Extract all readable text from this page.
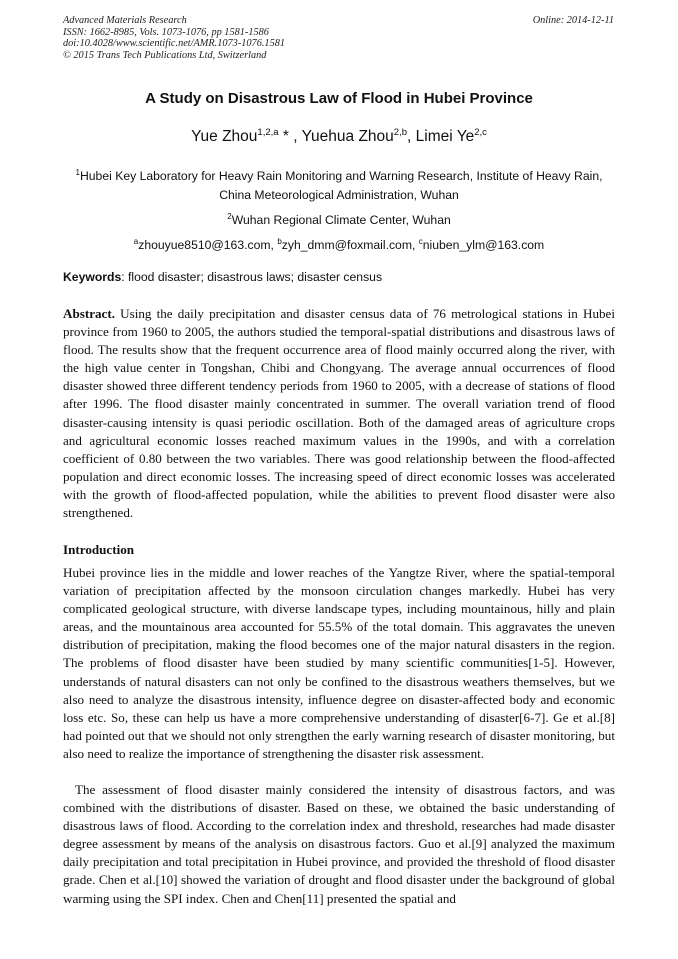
Advanced Materials Research
ISSN: 1662-8985, Vols. 1073-1076, pp 1581-1586
doi:10.4028/www.scientific.net/AMR.1073-1076.1581
© 2015 Trans Tech Publications Ltd, Switzerland
Online: 2014-12-11
A Study on Disastrous Law of Flood in Hubei Province
Yue Zhou$^{1,2,a}$ * , Yuehua Zhou$^{2,b}$, Limei Ye$^{2,c}$
$^1$Hubei Key Laboratory for Heavy Rain Monitoring and Warning Research, Institute of Heavy Rain,
China Meteorological Administration, Wuhan
$^2$Wuhan Regional Climate Center, Wuhan
$^a$zhouyue8510@163.com, $^b$zyh_dmm@foxmail.com, $^c$niuben_ylm@163.com
Keywords: flood disaster; disastrous laws; disaster census
Abstract. Using the daily precipitation and disaster census data of 76 metrological stations in Hubei province from 1960 to 2005, the authors studied the temporal-spatial distributions and disastrous laws of flood. The results show that the frequent occurrence area of flood mainly occurred along the river, with the high value center in Tongshan, Chibi and Chongyang. The average annual occurrences of flood disaster showed three different tendency periods from 1960 to 2005, with a decrease of stations of flood after 1996. The flood disaster mainly concentrated in summer. The overall variation trend of flood disaster-causing intensity is quasi periodic oscillation. Both of the damaged areas of agriculture crops and agricultural economic losses reached maximum values in the 1990s, and with a correlation coefficient of 0.80 between the two variables. There was good relationship between the flood-affected population and direct economic losses. The increasing speed of direct economic losses was accelerated with the growth of flood-affected population, while the abilities to prevent flood disaster were also strengthened.
Introduction
Hubei province lies in the middle and lower reaches of the Yangtze River, where the spatial-temporal variation of precipitation affected by the monsoon circulation changes markedly. Hubei has very complicated geological structure, with diverse landscape types, including mountainous, hilly and plain areas, and the mountainous area accounted for 55.5% of the total domain. This aggravates the uneven distribution of precipitation, making the flood becomes one of the major natural disasters in the region. The problems of flood disaster have been studied by many scientific communities[1-5]. However, understands of natural disasters can not only be confined to the disastrous weathers themselves, but we also need to analyze the disastrous intensity, influence degree on disaster-affected body and economic loss etc. So, these can help us have a more comprehensive understanding of disaster[6-7]. Ge et al.[8] had pointed out that we should not only strengthen the early warning research of disaster monitoring, but also need to realize the importance of strengthening the disaster risk assessment.
The assessment of flood disaster mainly considered the intensity of disastrous factors, and was combined with the distributions of disaster. Based on these, we obtained the basic understanding of disastrous laws of flood. According to the correlation index and threshold, researches had made disaster degree assessment by means of the analysis on disastrous factors. Guo et al.[9] analyzed the maximum daily precipitation and total precipitation in Hubei province, and provided the threshold of flood disaster grade. Chen et al.[10] showed the variation of drought and flood disaster under the background of global warming using the SPI index. Chen and Chen[11] presented the spatial and
